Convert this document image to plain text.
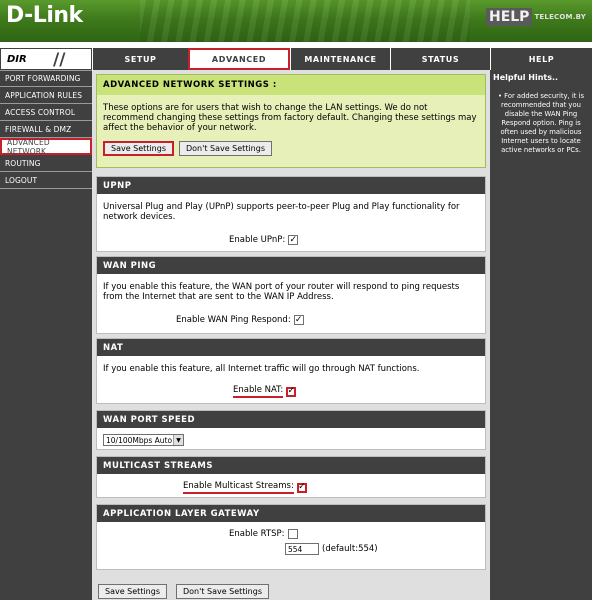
D-Link	HELP TELECOM.BY
DIR //	SETUP	ADVANCED	MAINTENANCE	STATUS	HELP
PORT FORWARDING
APPLICATION RULES
ACCESS CONTROL
FIREWALL & DMZ
ADVANCED NETWORK
ROUTING
LOGOUT
Helpful Hints..
• For added security, it is recommended that you disable the WAN Ping Respond option. Ping is often used by malicious Internet users to locate active networks or PCs.
ADVANCED NETWORK SETTINGS :
These options are for users that wish to change the LAN settings. We do not recommend changing these settings from factory default. Changing these settings may affect the behavior of your network.
Save Settings	Don't Save Settings
UPNP
Universal Plug and Play (UPnP) supports peer-to-peer Plug and Play functionality for network devices.
Enable UPnP:
✓
WAN PING
If you enable this feature, the WAN port of your router will respond to ping requests from the Internet that are sent to the WAN IP Address.
Enable WAN Ping Respond:
✓
NAT
If you enable this feature, all Internet traffic will go through NAT functions.
Enable NAT:
✓
WAN PORT SPEED
10/100Mbps Auto ▼
MULTICAST STREAMS
Enable Multicast Streams:
✓
APPLICATION LAYER GATEWAY
Enable RTSP:
554	(default:554)
Save Settings	Don't Save Settings
